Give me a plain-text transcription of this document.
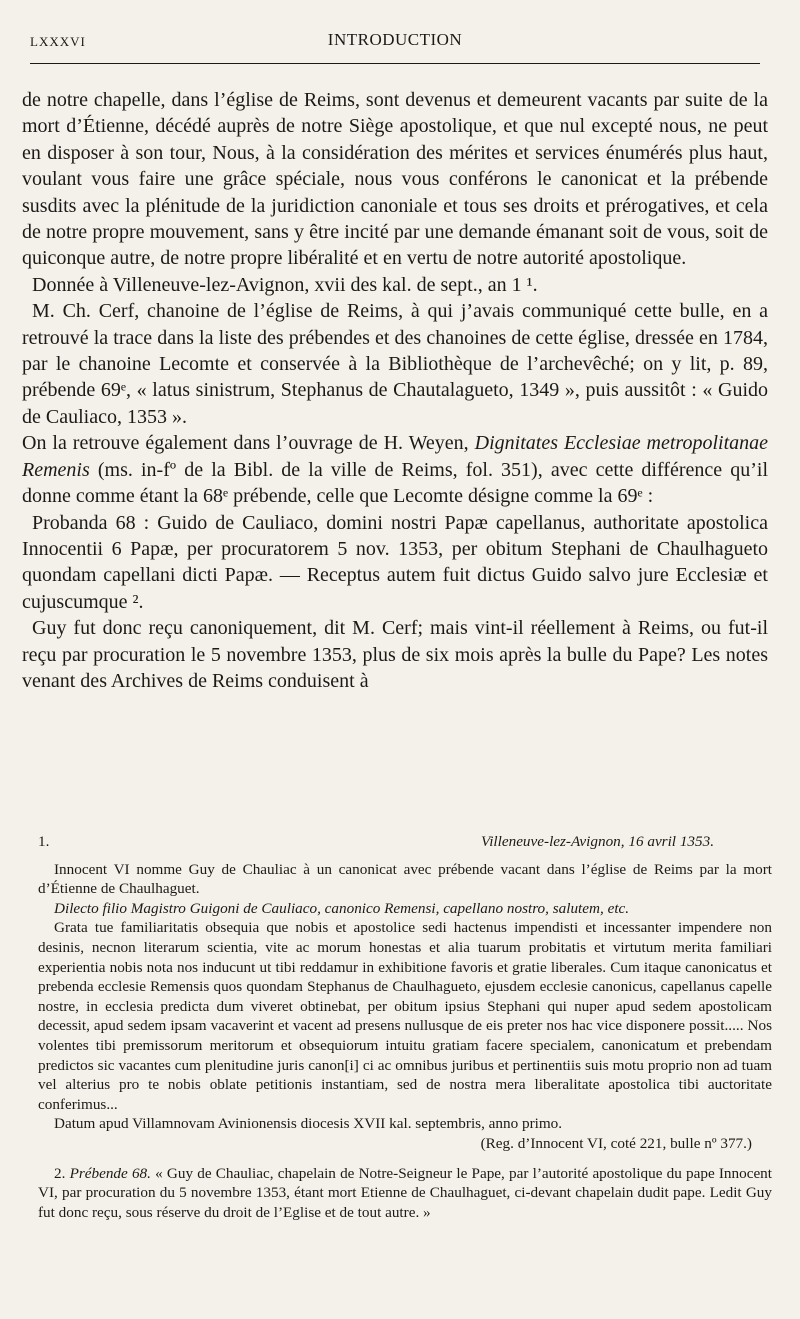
LXXXVI	INTRODUCTION

de notre chapelle, dans l’église de Reims, sont devenus et demeurent vacants par suite de la mort d’Étienne, décédé auprès de notre Siège apostolique, et que nul excepté nous, ne peut en disposer à son tour, Nous, à la considération des mérites et services énumérés plus haut, voulant vous faire une grâce spéciale, nous vous conférons le canonicat et la prébende susdits avec la plénitude de la juridiction canoniale et tous ses droits et prérogatives, et cela de notre propre mouvement, sans y être incité par une demande émanant soit de vous, soit de quiconque autre, de notre propre libéralité et en vertu de notre autorité apostolique.

Donnée à Villeneuve-lez-Avignon, xvii des kal. de sept., an 1 ¹.

M. Ch. Cerf, chanoine de l’église de Reims, à qui j’avais communiqué cette bulle, en a retrouvé la trace dans la liste des prébendes et des chanoines de cette église, dressée en 1784, par le chanoine Lecomte et conservée à la Bibliothèque de l’archevêché; on y lit, p. 89, prébende 69ᵉ, « latus sinistrum, Stephanus de Chautalagueto, 1349 », puis aussitôt : « Guido de Cauliaco, 1353 ».

On la retrouve également dans l’ouvrage de H. Weyen, Dignitates Ecclesiae metropolitanae Remenis (ms. in-fº de la Bibl. de la ville de Reims, fol. 351), avec cette différence qu’il donne comme étant la 68ᵉ prébende, celle que Lecomte désigne comme la 69ᵉ :

Probanda 68 : Guido de Cauliaco, domini nostri Papæ capellanus, authoritate apostolica Innocentii 6 Papæ, per procuratorem 5 nov. 1353, per obitum Stephani de Chaulhagueto quondam capellani dicti Papæ. — Receptus autem fuit dictus Guido salvo jure Ecclesiæ et cujuscumque ².

Guy fut donc reçu canoniquement, dit M. Cerf; mais vint-il réellement à Reims, ou fut-il reçu par procuration le 5 novembre 1353, plus de six mois après la bulle du Pape? Les notes venant des Archives de Reims conduisent à

1.	Villeneuve-lez-Avignon, 16 avril 1353.

Innocent VI nomme Guy de Chauliac à un canonicat avec prébende vacant dans l’église de Reims par la mort d’Étienne de Chaulhaguet.

Dilecto filio Magistro Guigoni de Cauliaco, canonico Remensi, capellano nostro, salutem, etc.

Grata tue familiaritatis obsequia que nobis et apostolice sedi hactenus impendisti et incessanter impendere non desinis, necnon literarum scientia, vite ac morum honestas et alia tuarum probitatis et virtutum merita familiari experientia nobis nota nos inducunt ut tibi reddamur in exhibitione favoris et gratie liberales. Cum itaque canonicatus et prebenda ecclesie Remensis quos quondam Stephanus de Chaulhagueto, ejusdem ecclesie canonicus, capellanus capelle nostre, in ecclesia predicta dum viveret obtinebat, per obitum ipsius Stephani qui nuper apud sedem apostolicam decessit, apud sedem ipsam vacaverint et vacent ad presens nullusque de eis preter nos hac vice disponere possit..... Nos volentes tibi premissorum meritorum et obsequiorum intuitu gratiam facere specialem, canonicatum et prebendam predictos sic vacantes cum plenitudine juris canon[i] ci ac omnibus juribus et pertinentiis suis motu proprio non ad tuam vel alterius pro te nobis oblate petitionis instantiam, sed de nostra mera liberalitate apostolica tibi auctoritate conferimus...

Datum apud Villamnovam Avinionensis diocesis XVII kal. septembris, anno primo.

(Reg. d’Innocent VI, coté 221, bulle nº 377.)

2. Prébende 68. « Guy de Chauliac, chapelain de Notre-Seigneur le Pape, par l’autorité apostolique du pape Innocent VI, par procuration du 5 novembre 1353, étant mort Etienne de Chaulhaguet, ci-devant chapelain dudit pape. Ledit Guy fut donc reçu, sous réserve du droit de l’Eglise et de tout autre. »
